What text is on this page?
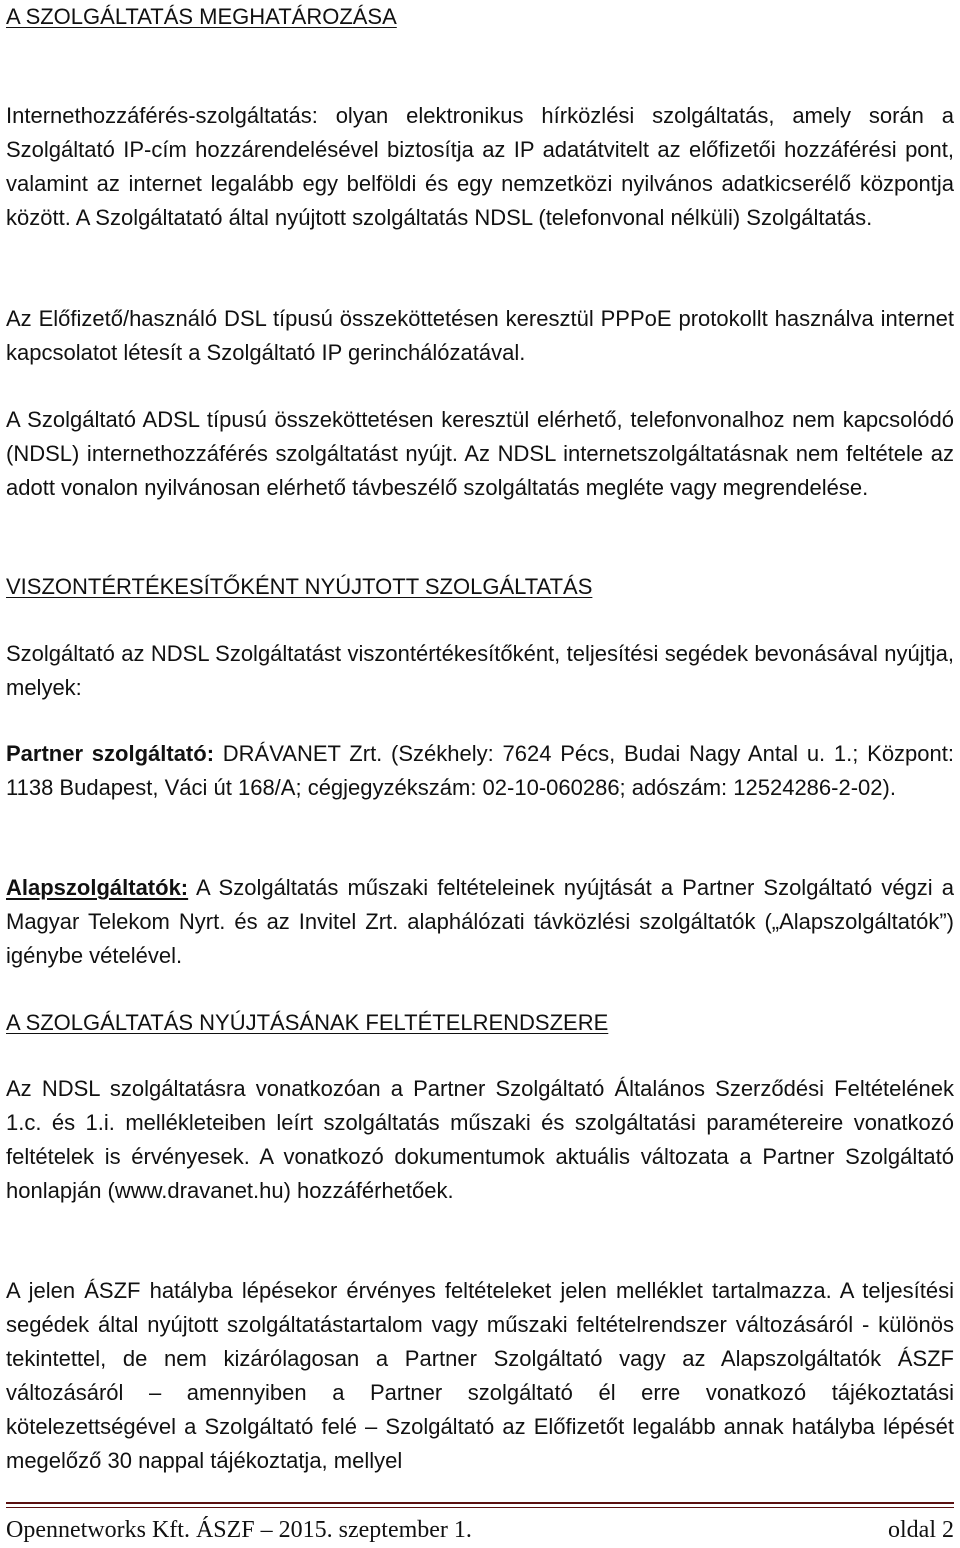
A SZOLGÁLTATÁS MEGHATÁROZÁSA

Internethozzáférés-szolgáltatás: olyan elektronikus hírközlési szolgáltatás, amely során a Szolgáltató IP-cím hozzárendelésével biztosítja az IP adatátvitelt az előfizetői hozzáférési pont, valamint az internet legalább egy belföldi és egy nemzetközi nyilvános adatkicserélő központja között. A Szolgáltatató által nyújtott szolgáltatás NDSL (telefonvonal nélküli) Szolgáltatás.

Az Előfizető/használó DSL típusú összeköttetésen keresztül PPPoE protokollt használva internet kapcsolatot létesít a Szolgáltató IP gerinchálózatával.

A Szolgáltató ADSL típusú összeköttetésen keresztül elérhető, telefonvonalhoz nem kapcsolódó (NDSL) internethozzáférés szolgáltatást nyújt. Az NDSL internetszolgáltatásnak nem feltétele az adott vonalon nyilvánosan elérhető távbeszélő szolgáltatás megléte vagy megrendelése.

VISZONTÉRTÉKESÍTŐKÉNT NYÚJTOTT SZOLGÁLTATÁS

Szolgáltató az NDSL Szolgáltatást viszontértékesítőként, teljesítési segédek bevonásával nyújtja, melyek:

Partner szolgáltató: DRÁVANET Zrt. (Székhely: 7624 Pécs, Budai Nagy Antal u. 1.; Központ: 1138 Budapest, Váci út 168/A; cégjegyzékszám: 02-10-060286; adószám: 12524286-2-02).

Alapszolgáltatók: A Szolgáltatás műszaki feltételeinek nyújtását a Partner Szolgáltató végzi a Magyar Telekom Nyrt. és az Invitel Zrt. alaphálózati távközlési szolgáltatók („Alapszolgáltatók”) igénybe vételével.

A SZOLGÁLTATÁS NYÚJTÁSÁNAK FELTÉTELRENDSZERE

Az NDSL szolgáltatásra vonatkozóan a Partner Szolgáltató Általános Szerződési Feltételének 1.c. és 1.i. mellékleteiben leírt szolgáltatás műszaki és szolgáltatási paramétereire vonatkozó feltételek is érvényesek. A vonatkozó dokumentumok aktuális változata a Partner Szolgáltató honlapján (www.dravanet.hu) hozzáférhetőek.

A jelen ÁSZF hatályba lépésekor érvényes feltételeket jelen melléklet tartalmazza. A teljesítési segédek által nyújtott szolgáltatástartalom vagy műszaki feltételrendszer változásáról - különös tekintettel, de nem kizárólagosan a Partner Szolgáltató vagy az Alapszolgáltatók ÁSZF változásáról – amennyiben a Partner szolgáltató él erre vonatkozó tájékoztatási kötelezettségével a Szolgáltató felé – Szolgáltató az Előfizetőt legalább annak hatályba lépését megelőző 30 nappal tájékoztatja, mellyel

Opennetworks Kft. ÁSZF – 2015. szeptember 1.	oldal 2
